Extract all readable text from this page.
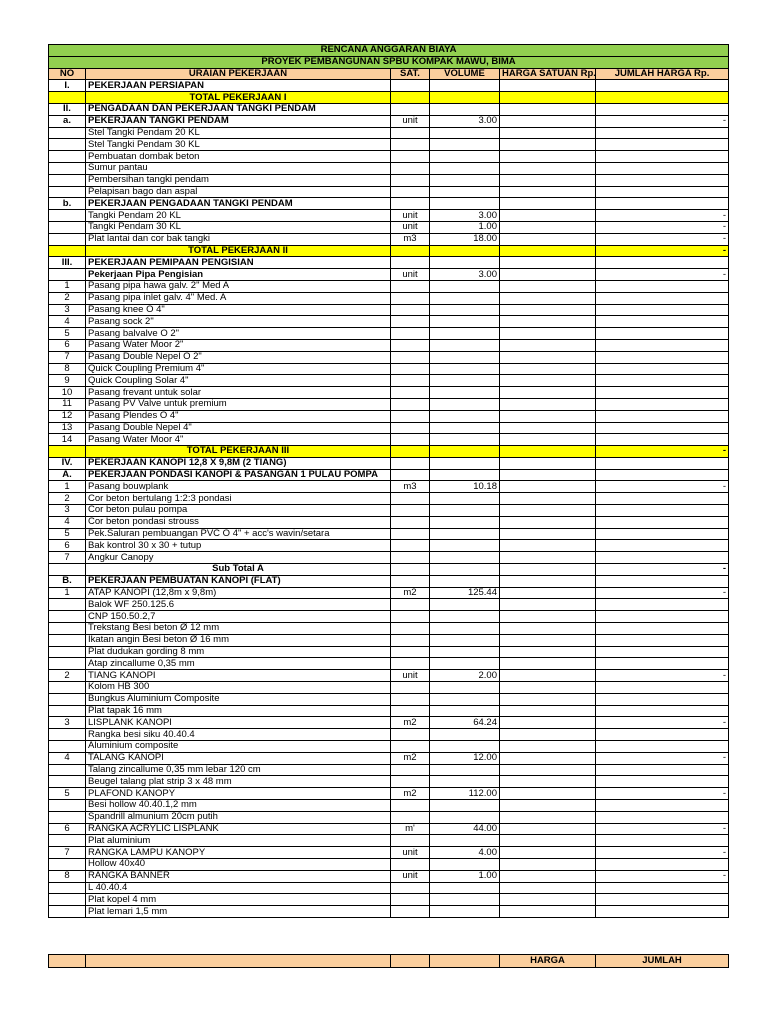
RENCANA ANGGARAN BIAYA					
PROYEK PEMBANGUNAN SPBU KOMPAK MAWU, BIMA					
NO	URAIAN PEKERJAAN	SAT.	VOLUME	HARGA SATUAN Rp.	JUMLAH HARGA Rp.
I.	PEKERJAAN PERSIAPAN				
	TOTAL PEKERJAAN I				
II.	PENGADAAN DAN PEKERJAAN TANGKI PENDAM				
a.	PEKERJAAN TANGKI PENDAM	unit	3.00		-
	Stel Tangki Pendam 20 KL				
	Stel Tangki Pendam 30 KL				
	Pembuatan dombak beton				
	Sumur pantau				
	Pembersihan tangki pendam				
	Pelapisan bago dan aspal				
b.	PEKERJAAN PENGADAAN TANGKI PENDAM				
	Tangki Pendam 20 KL	unit	3.00		-
	Tangki Pendam 30 KL	unit	1.00		-
	Plat lantai dan cor bak tangki	m3	18.00		-
	TOTAL PEKERJAAN II				-
III.	PEKERJAAN PEMIPAAN PENGISIAN				
	Pekerjaan Pipa Pengisian	unit	3.00		-
1	Pasang pipa hawa galv. 2" Med A				
2	Pasang pipa inlet galv. 4" Med. A				
3	Pasang knee O 4"				
4	Pasang sock 2"				
5	Pasang balvalve O 2"				
6	Pasang Water Moor 2"				
7	Pasang Double Nepel O 2"				
8	Quick Coupling Premium 4"				
9	Quick Coupling Solar 4"				
10	Pasang frevant untuk solar				
11	Pasang PV Valve untuk premium				
12	Pasang Plendes O 4"				
13	Pasang Double Nepel 4"				
14	Pasang Water Moor 4"				
	TOTAL PEKERJAAN III				-
IV.	PEKERJAAN KANOPI 12,8 X 9,8M (2 TIANG)				
A.	PEKERJAAN PONDASI KANOPI & PASANGAN 1 PULAU POMPA				
1	Pasang bouwplank	m3	10.18		-
2	Cor beton bertulang 1:2:3 pondasi				
3	Cor beton pulau pompa				
4	Cor beton pondasi strouss				
5	Pek.Saluran pembuangan PVC O 4" + acc's wavin/setara				
6	Bak kontrol 30 x 30 + tutup				
7	Angkur Canopy				
	Sub Total A				-
B.	PEKERJAAN PEMBUATAN KANOPI (FLAT)				
1	ATAP KANOPI (12,8m x 9,8m)	m2	125.44		-
	Balok WF 250.125.6				
	CNP 150.50.2,7				
	Trekstang Besi beton Ø 12 mm				
	Ikatan angin Besi beton Ø 16 mm				
	Plat dudukan gording 8 mm				
	Atap zincallume 0,35 mm				
2	TIANG KANOPI	unit	2.00		-
	Kolom HB 300				
	Bungkus Aluminium Composite				
	Plat tapak 16 mm				
3	LISPLANK KANOPI	m2	64.24		-
	Rangka besi siku 40.40.4				
	Aluminium composite				
4	TALANG KANOPI	m2	12.00		-
	Talang zincallume 0,35 mm lebar 120 cm				
	Beugel talang plat strip 3 x 48 mm				
5	PLAFOND KANOPY	m2	112.00		-
	Besi hollow 40.40.1,2 mm				
	Spandrill almunium 20cm putih				
6	RANGKA ACRYLIC LISPLANK	m'	44.00		-
	Plat aluminium				
7	RANGKA LAMPU KANOPY	unit	4.00		-
	Hollow 40x40				
8	RANGKA BANNER	unit	1.00		-
	L 40.40.4				
	Plat kopel 4 mm				
	Plat lemari 1,5 mm				
				HARGA	JUMLAH
